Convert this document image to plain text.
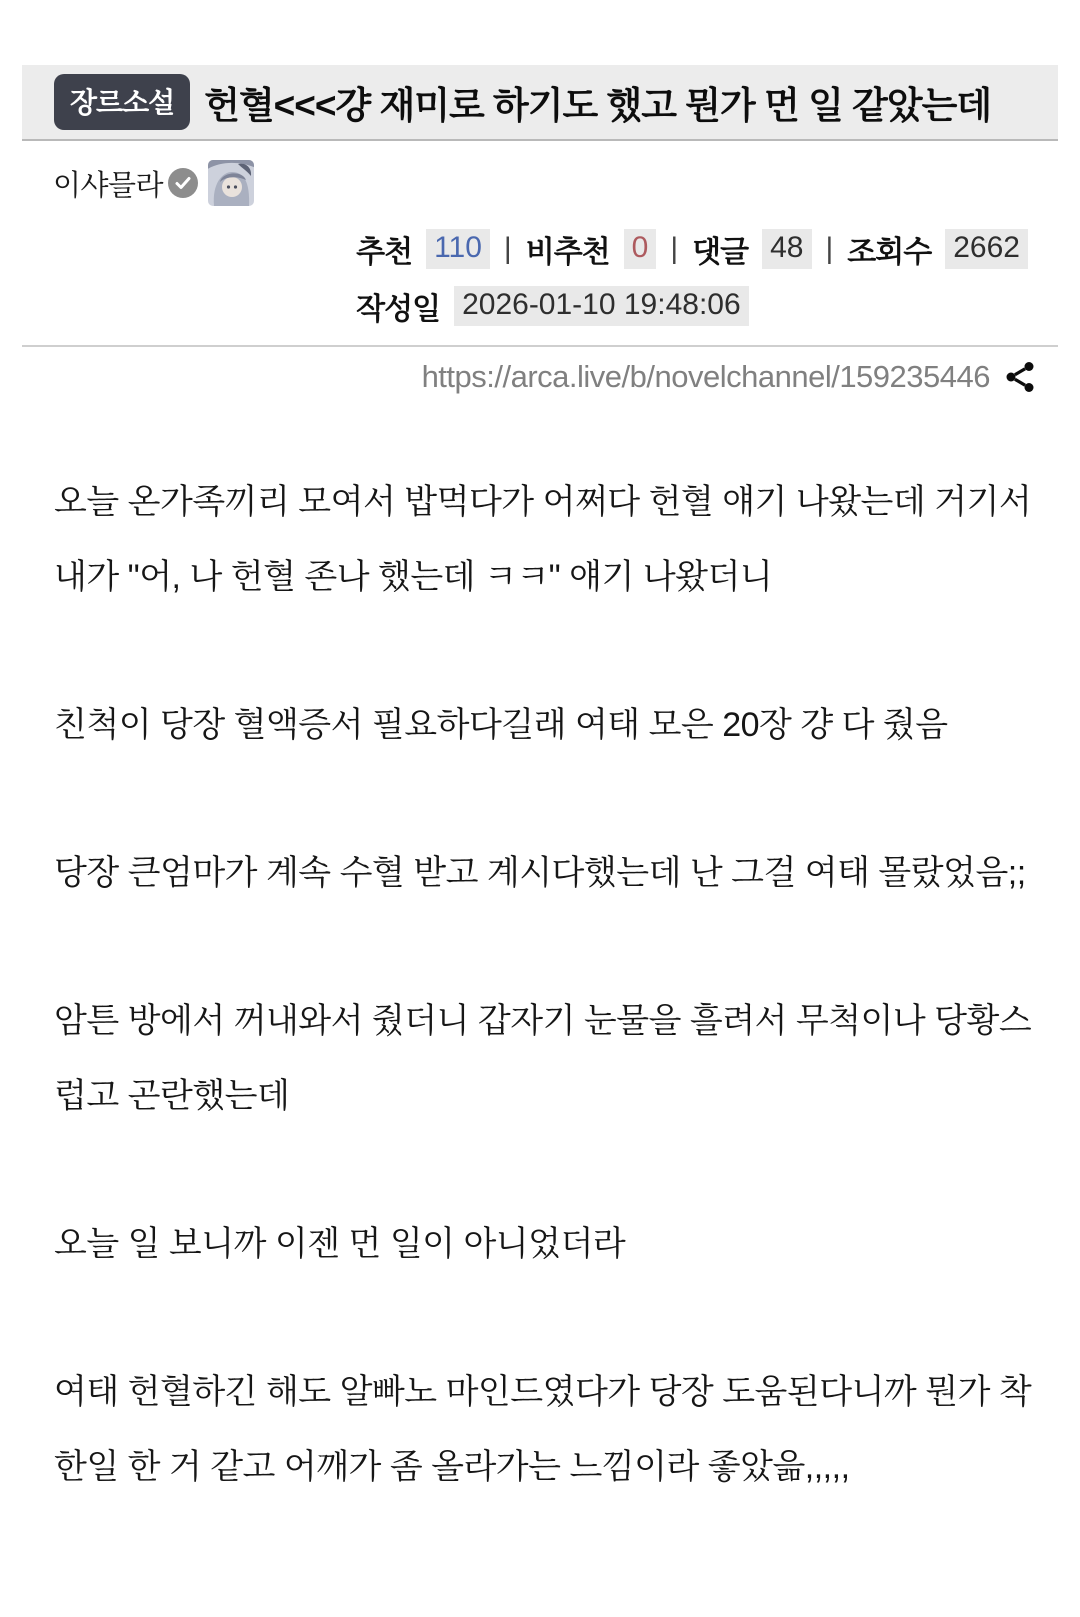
장르소설 헌혈<<<걍 재미로 하기도 했고 뭔가 먼 일 같았는데
이샤믈라
추천 110 | 비추천 0 | 댓글 48 | 조회수 2662
작성일 2026-01-10 19:48:06
https://arca.live/b/novelchannel/159235446

오늘 온가족끼리 모여서 밥먹다가 어쩌다 헌혈 얘기 나왔는데 거기서 내가 "어, 나 헌혈 존나 했는데 ㅋㅋ" 얘기 나왔더니

친척이 당장 혈액증서 필요하다길래 여태 모은 20장 걍 다 줬음

당장 큰엄마가 계속 수혈 받고 계시다했는데 난 그걸 여태 몰랐었음;;

암튼 방에서 꺼내와서 줬더니 갑자기 눈물을 흘려서 무척이나 당황스럽고 곤란했는데

오늘 일 보니까 이젠 먼 일이 아니었더라

여태 헌혈하긴 해도 알빠노 마인드였다가 당장 도움된다니까 뭔가 착한일 한 거 같고 어깨가 좀 올라가는 느낌이라 좋았읆,,,,,
